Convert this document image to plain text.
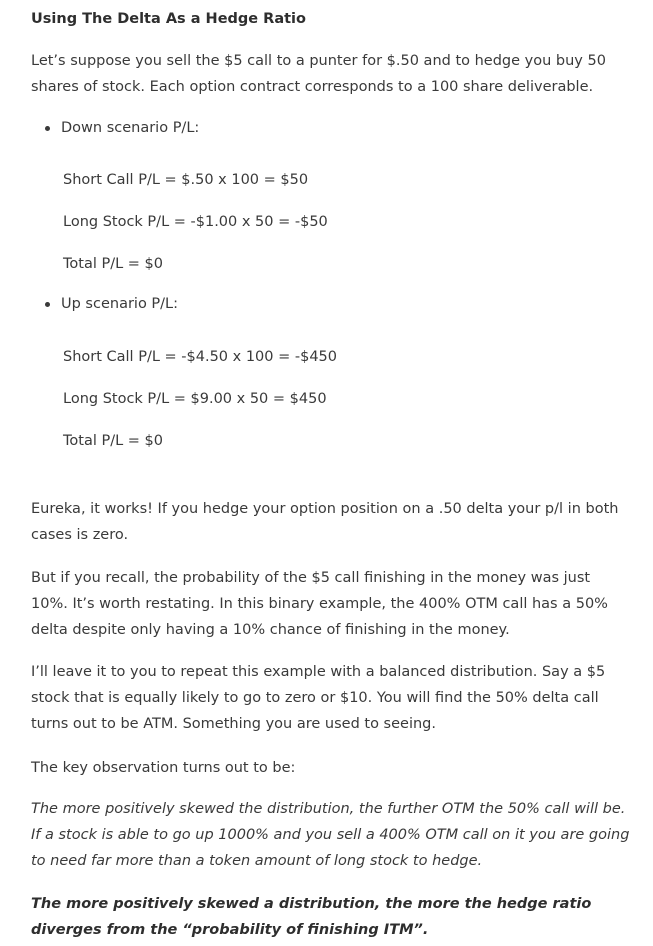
Using The Delta As a Hedge Ratio

Let’s suppose you sell the $5 call to a punter for $.50 and to hedge you buy 50 shares of stock. Each option contract corresponds to a 100 share deliverable.

Down scenario P/L:

Short Call P/L = $.50 x 100 = $50

Long Stock P/L = -$1.00 x 50 = -$50

Total P/L = $0

Up scenario P/L:

Short Call P/L = -$4.50 x 100 = -$450

Long Stock P/L = $9.00 x 50 = $450

Total P/L = $0

Eureka, it works! If you hedge your option position on a .50 delta your p/l in both cases is zero.

But if you recall, the probability of the $5 call finishing in the money was just 10%. It’s worth restating. In this binary example, the 400% OTM call has a 50% delta despite only having a 10% chance of finishing in the money.

I’ll leave it to you to repeat this example with a balanced distribution. Say a $5 stock that is equally likely to go to zero or $10. You will find the 50% delta call turns out to be ATM. Something you are used to seeing.

The key observation turns out to be:

The more positively skewed the distribution, the further OTM the 50% call will be. If a stock is able to go up 1000% and you sell a 400% OTM call on it you are going to need far more than a token amount of long stock to hedge.

The more positively skewed a distribution, the more the hedge ratio diverges from the “probability of finishing ITM”.
